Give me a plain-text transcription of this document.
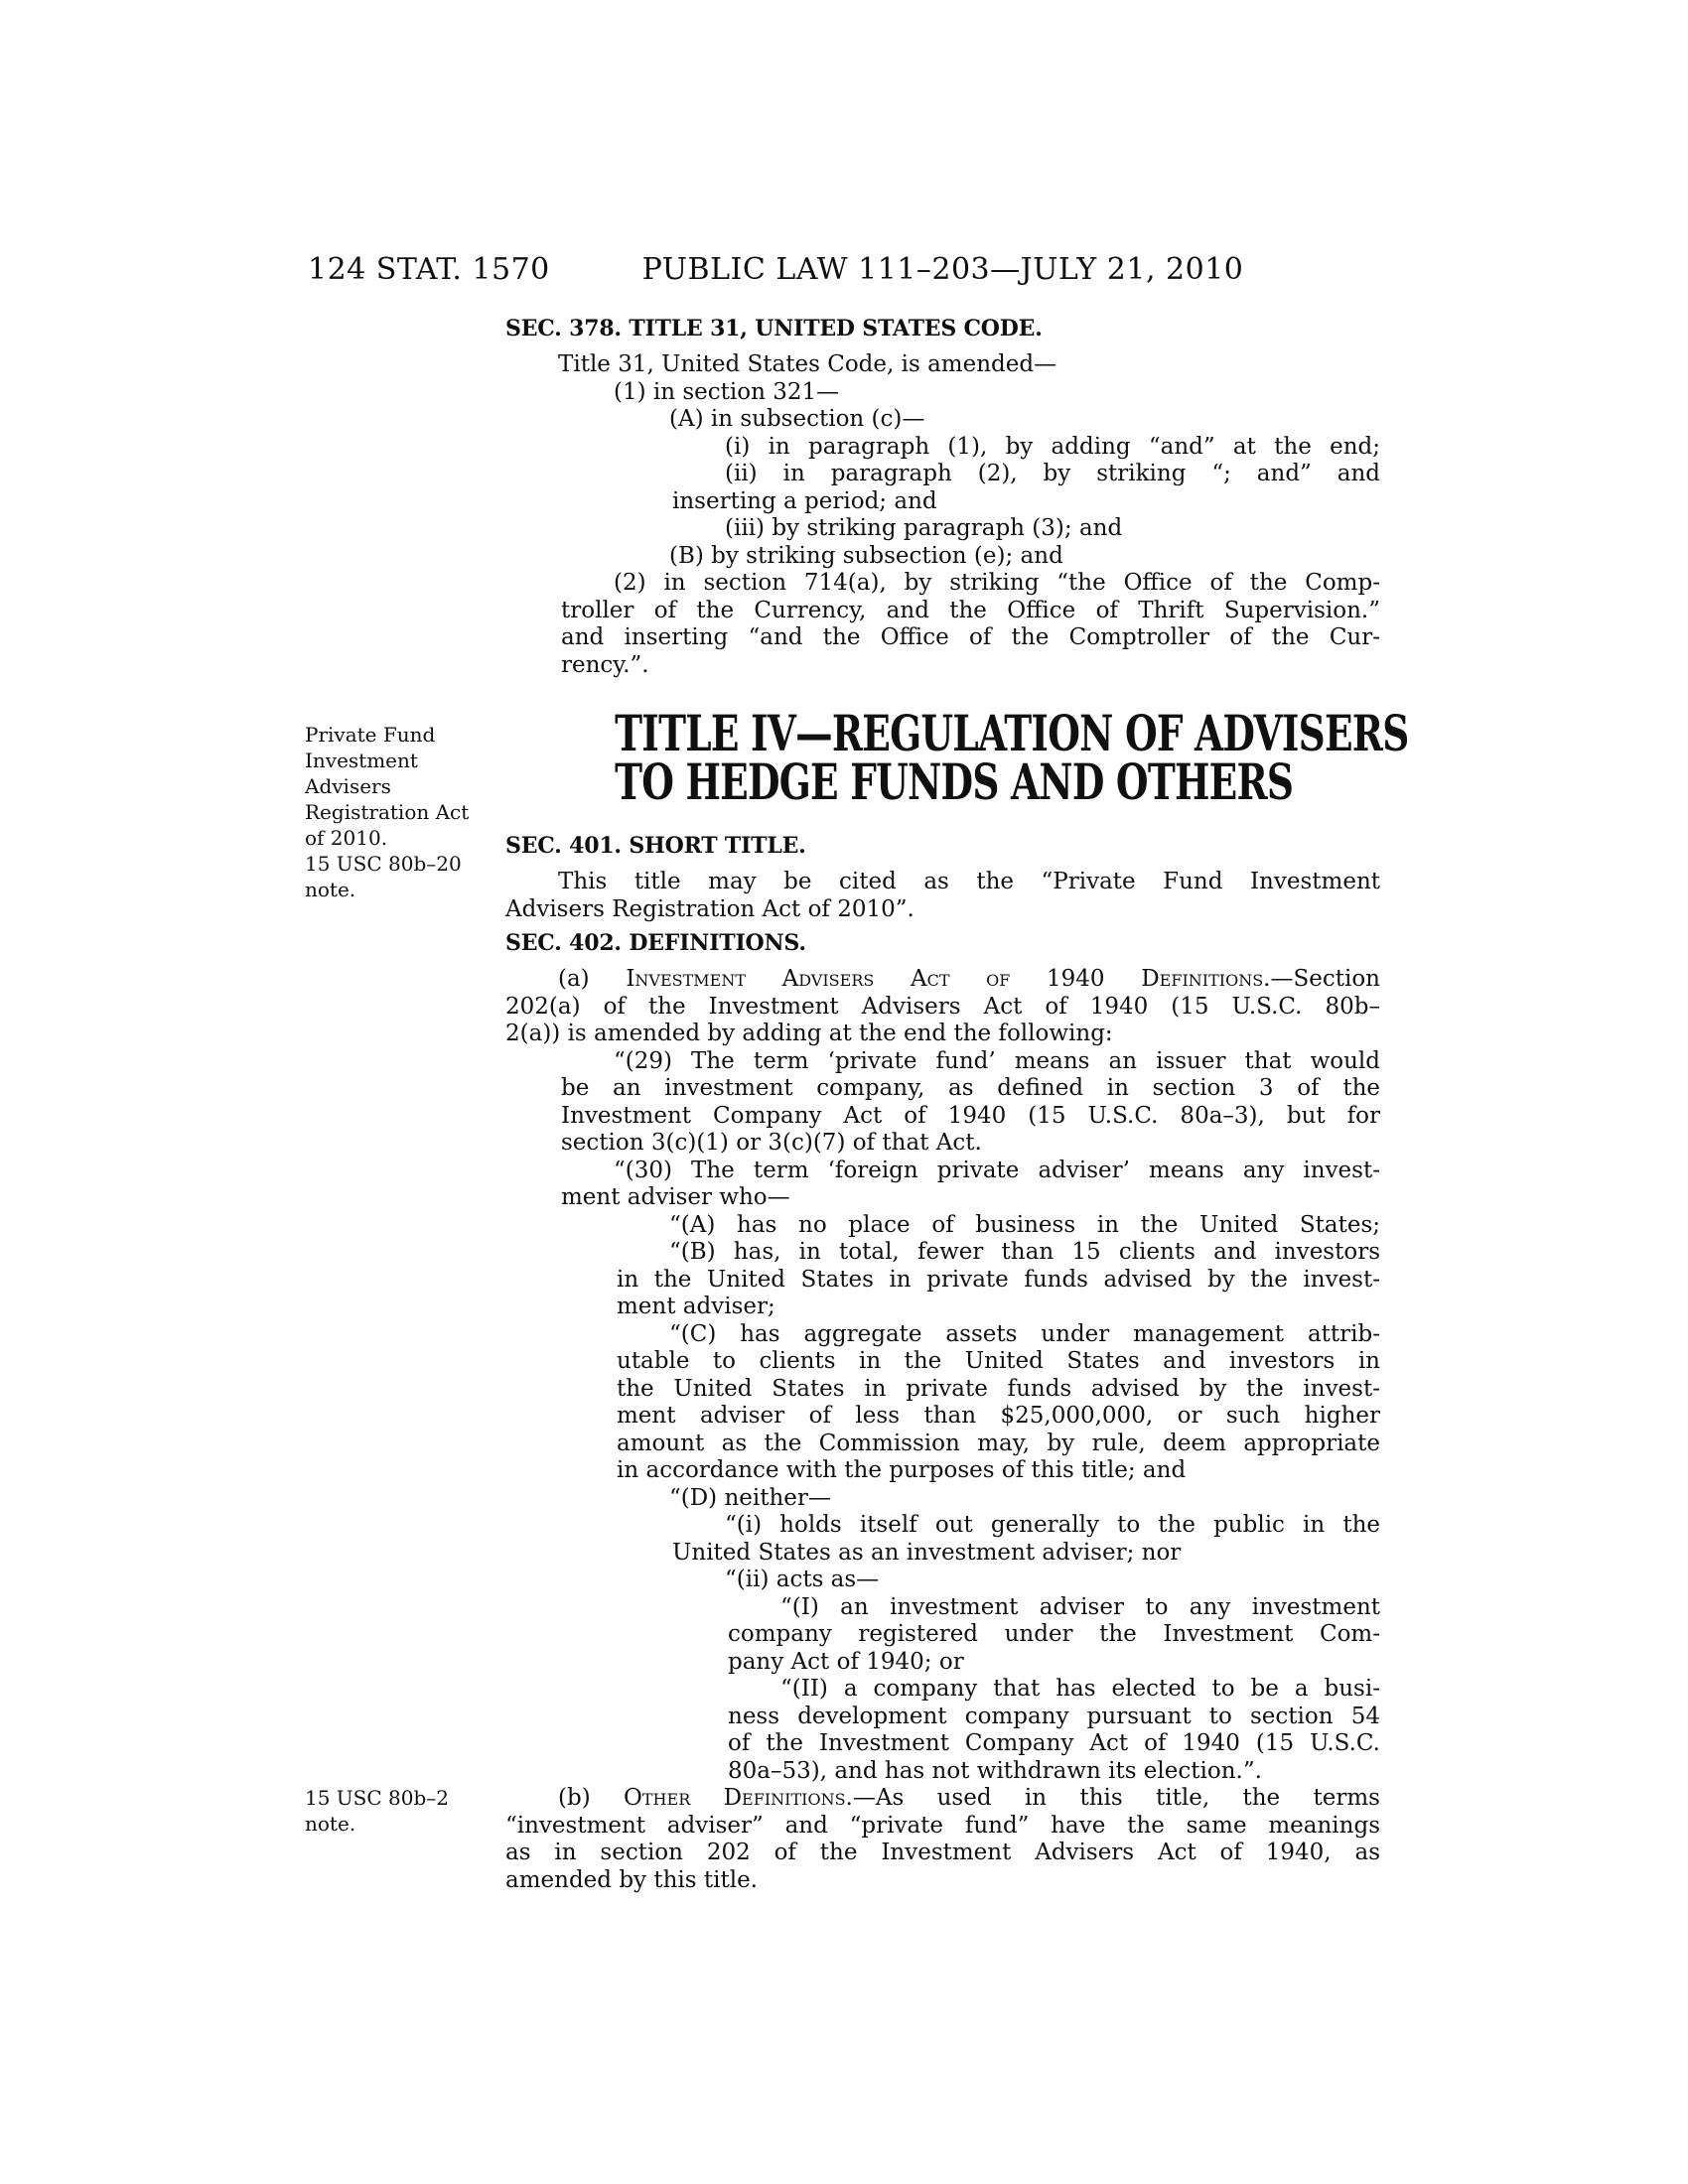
124 STAT. 1570	PUBLIC LAW 111–203—JULY 21, 2010
Private Fund
Investment
Advisers
Registration Act
of 2010.
15 USC 80b–20
note.
15 USC 80b–2
note.
SEC. 378. TITLE 31, UNITED STATES CODE.
Title 31, United States Code, is amended—
(1) in section 321—
(A) in subsection (c)—
(i) in paragraph (1), by adding “and” at the end;
(ii) in paragraph (2), by striking “; and” and
inserting a period; and
(iii) by striking paragraph (3); and
(B) by striking subsection (e); and
(2) in section 714(a), by striking “the Office of the Comp-
troller of the Currency, and the Office of Thrift Supervision.”
and inserting “and the Office of the Comptroller of the Cur-
rency.”.
TITLE IV—REGULATION OF ADVISERS
TO HEDGE FUNDS AND OTHERS
SEC. 401. SHORT TITLE.
This title may be cited as the “Private Fund Investment
Advisers Registration Act of 2010”.
SEC. 402. DEFINITIONS.
(a) Investment Advisers Act of 1940 Definitions.—Section
202(a) of the Investment Advisers Act of 1940 (15 U.S.C. 80b–
2(a)) is amended by adding at the end the following:
“(29) The term ‘private fund’ means an issuer that would
be an investment company, as defined in section 3 of the
Investment Company Act of 1940 (15 U.S.C. 80a–3), but for
section 3(c)(1) or 3(c)(7) of that Act.
“(30) The term ‘foreign private adviser’ means any invest-
ment adviser who—
“(A) has no place of business in the United States;
“(B) has, in total, fewer than 15 clients and investors
in the United States in private funds advised by the invest-
ment adviser;
“(C) has aggregate assets under management attrib-
utable to clients in the United States and investors in
the United States in private funds advised by the invest-
ment adviser of less than $25,000,000, or such higher
amount as the Commission may, by rule, deem appropriate
in accordance with the purposes of this title; and
“(D) neither—
“(i) holds itself out generally to the public in the
United States as an investment adviser; nor
“(ii) acts as—
“(I) an investment adviser to any investment
company registered under the Investment Com-
pany Act of 1940; or
“(II) a company that has elected to be a busi-
ness development company pursuant to section 54
of the Investment Company Act of 1940 (15 U.S.C.
80a–53), and has not withdrawn its election.”.
(b) Other Definitions.—As used in this title, the terms
“investment adviser” and “private fund” have the same meanings
as in section 202 of the Investment Advisers Act of 1940, as
amended by this title.
